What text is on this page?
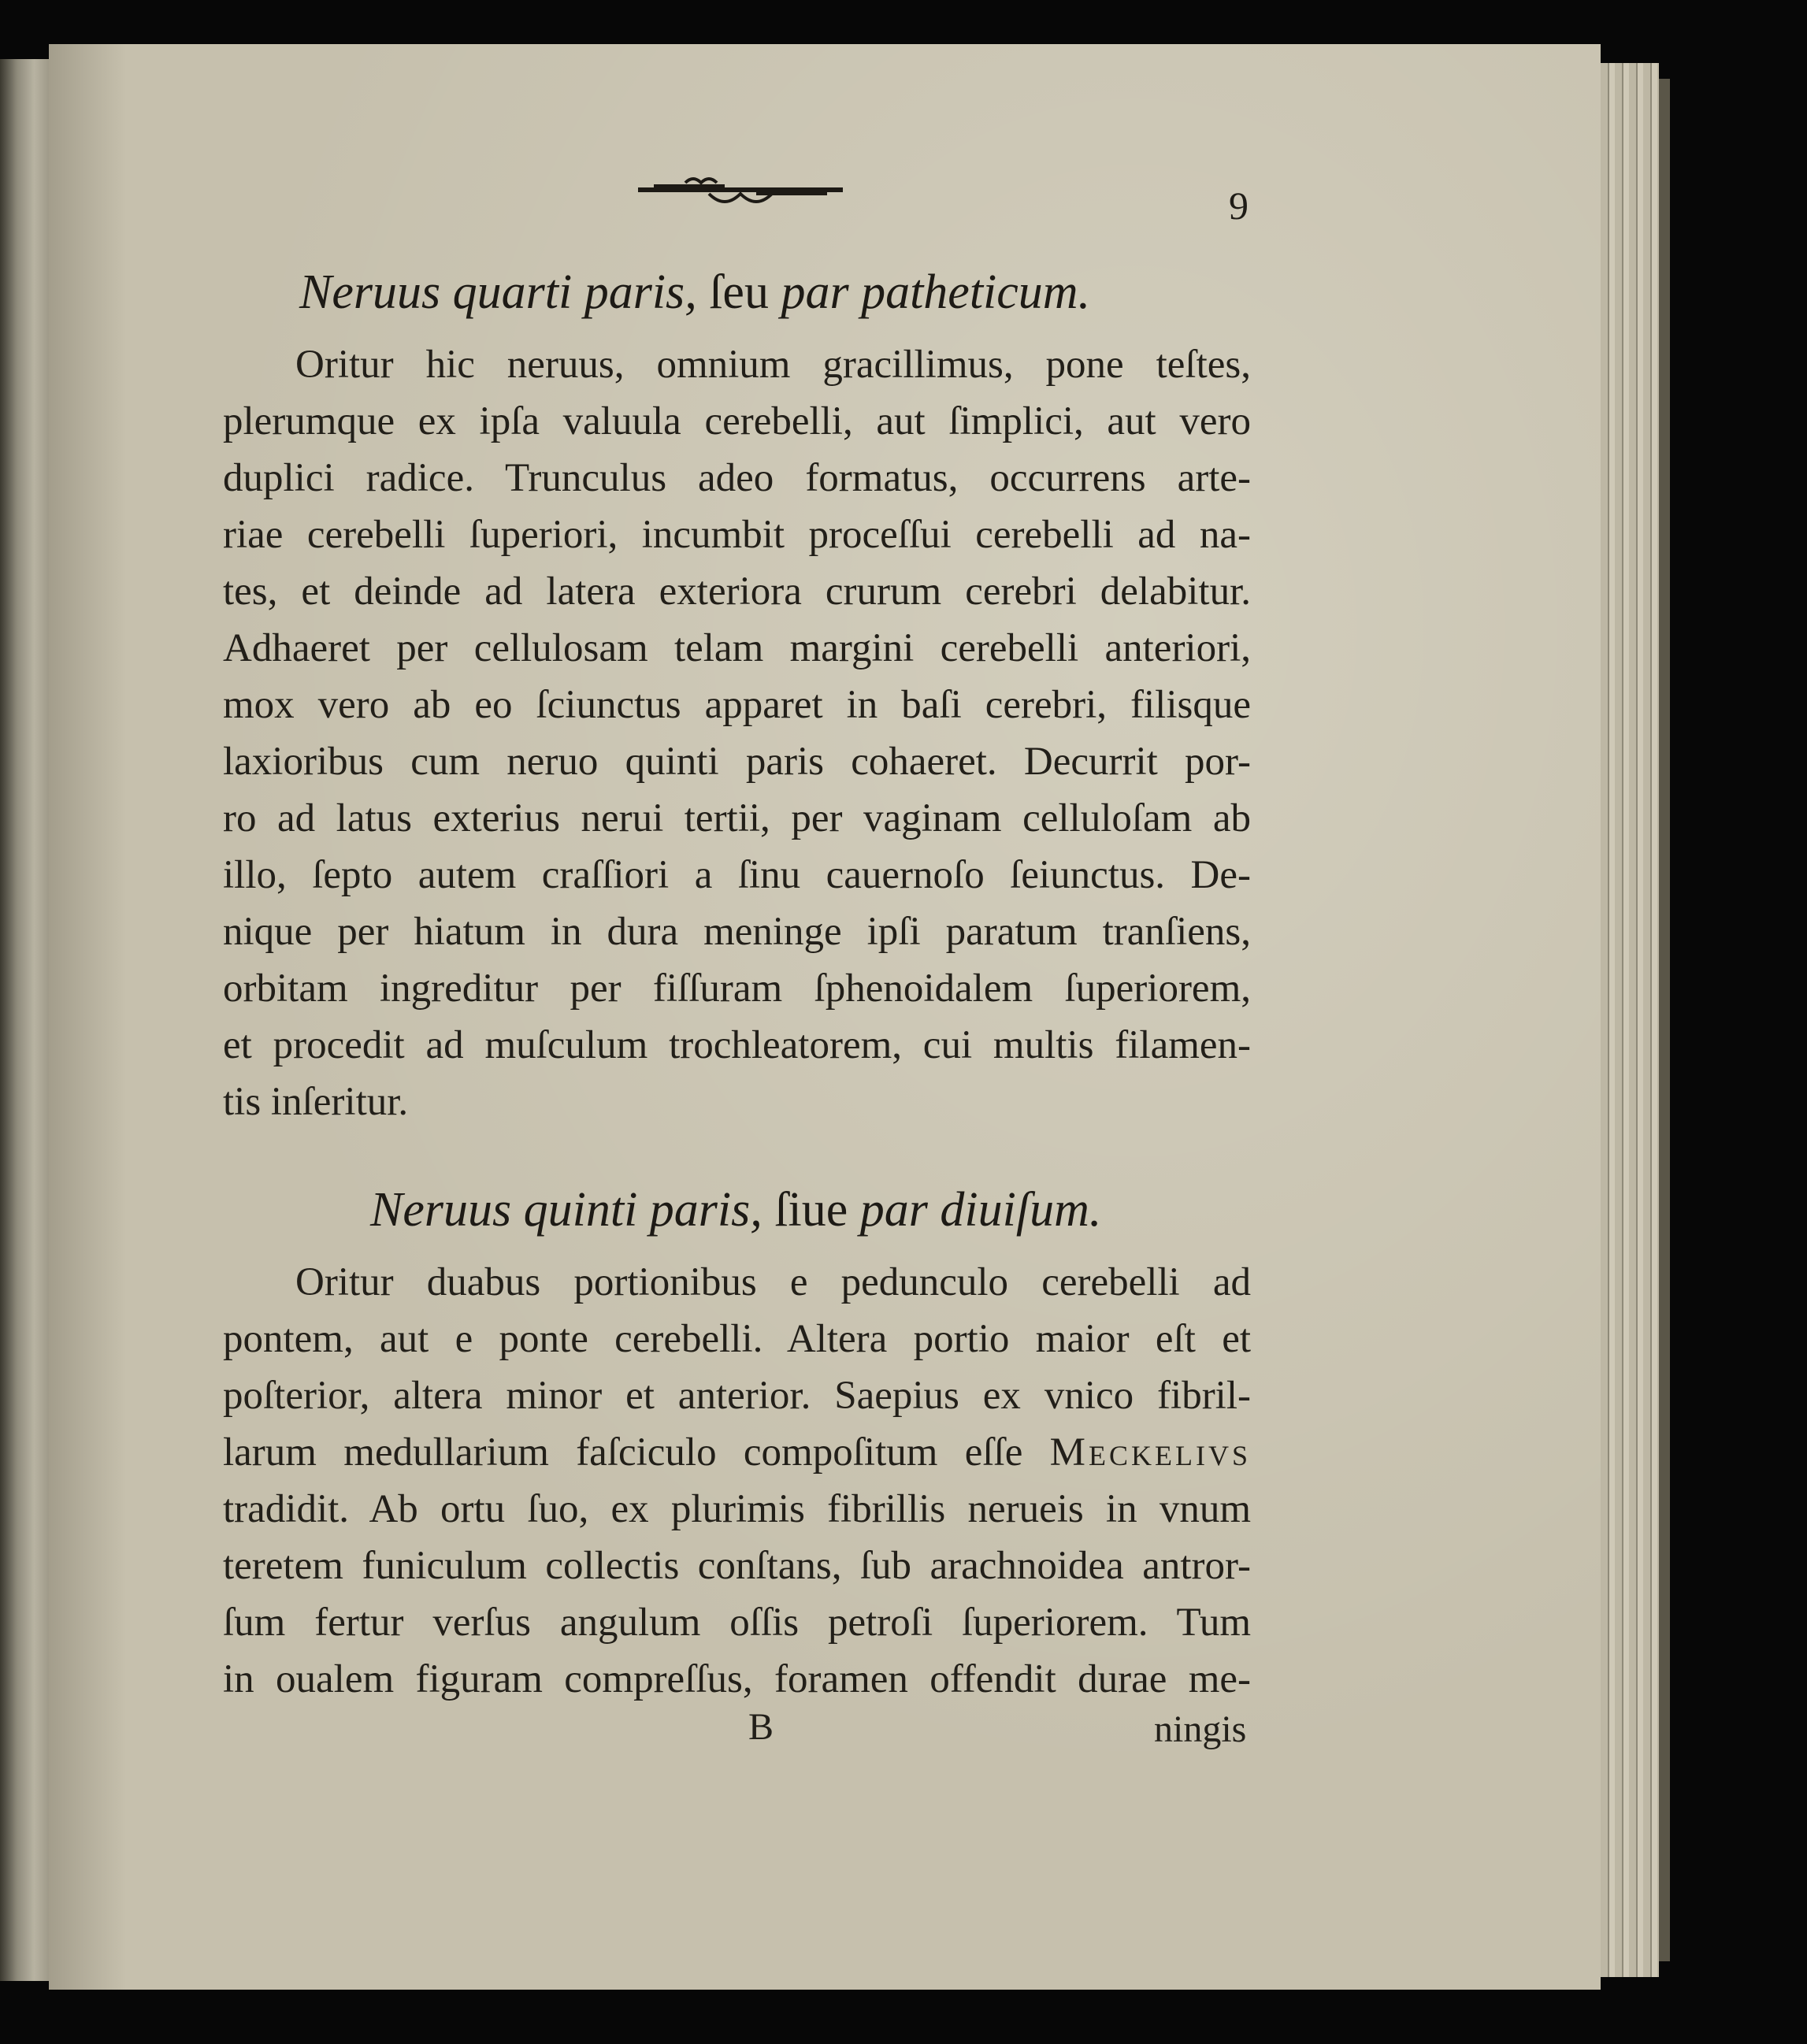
9
Neruus quarti paris, ſeu par patheticum.
Oritur hic neruus, omnium gracillimus, pone teſtes,
plerumque ex ipſa valuula cerebelli, aut ſimplici, aut vero
duplici radice. Trunculus adeo formatus, occurrens arte-
riae cerebelli ſuperiori, incumbit proceſſui cerebelli ad na-
tes, et deinde ad latera exteriora crurum cerebri delabitur.
Adhaeret per cellulosam telam margini cerebelli anteriori,
mox vero ab eo ſciunctus apparet in baſi cerebri, filisque
laxioribus cum neruo quinti paris cohaeret. Decurrit por-
ro ad latus exterius nerui tertii, per vaginam celluloſam ab
illo, ſepto autem craſſiori a ſinu cauernoſo ſeiunctus. De-
nique per hiatum in dura meninge ipſi paratum tranſiens,
orbitam ingreditur per fiſſuram ſphenoidalem ſuperiorem,
et procedit ad muſculum trochleatorem, cui multis filamen-
tis inſeritur.
Neruus quinti paris, ſiue par diuiſum.
Oritur duabus portionibus e pedunculo cerebelli ad
pontem, aut e ponte cerebelli. Altera portio maior eſt et
poſterior, altera minor et anterior. Saepius ex vnico fibril-
larum medullarium faſciculo compoſitum eſſe Meckelivs
tradidit. Ab ortu ſuo, ex plurimis fibrillis nerueis in vnum
teretem funiculum collectis conſtans, ſub arachnoidea antror-
ſum fertur verſus angulum oſſis petroſi ſuperiorem. Tum
in oualem figuram compreſſus, foramen offendit durae me-
B	ningis
